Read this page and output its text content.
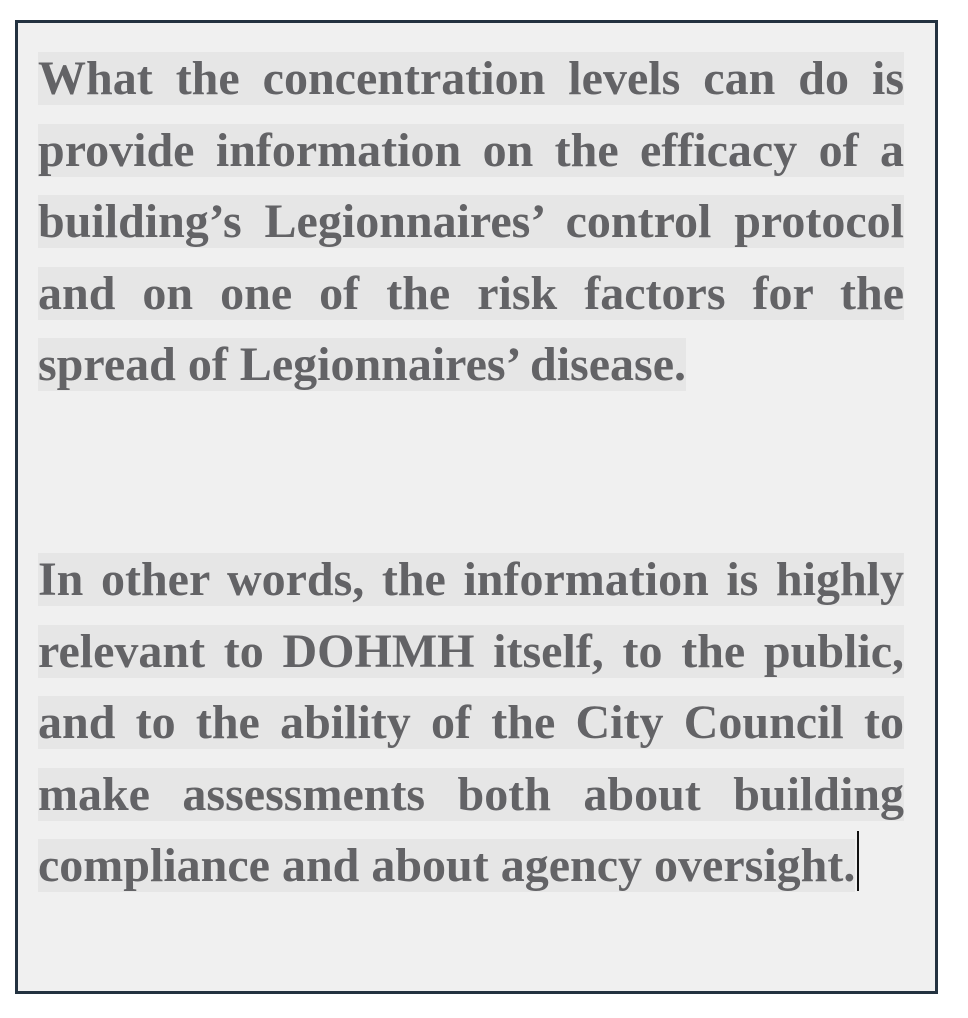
What the concentration levels can do is provide information on the efficacy of a building’s Legionnaires’ control protocol and on one of the risk factors for the spread of Legionnaires’ disease.

In other words, the information is highly relevant to DOHMH itself, to the public, and to the ability of the City Council to make assessments both about building compliance and about agency oversight.
